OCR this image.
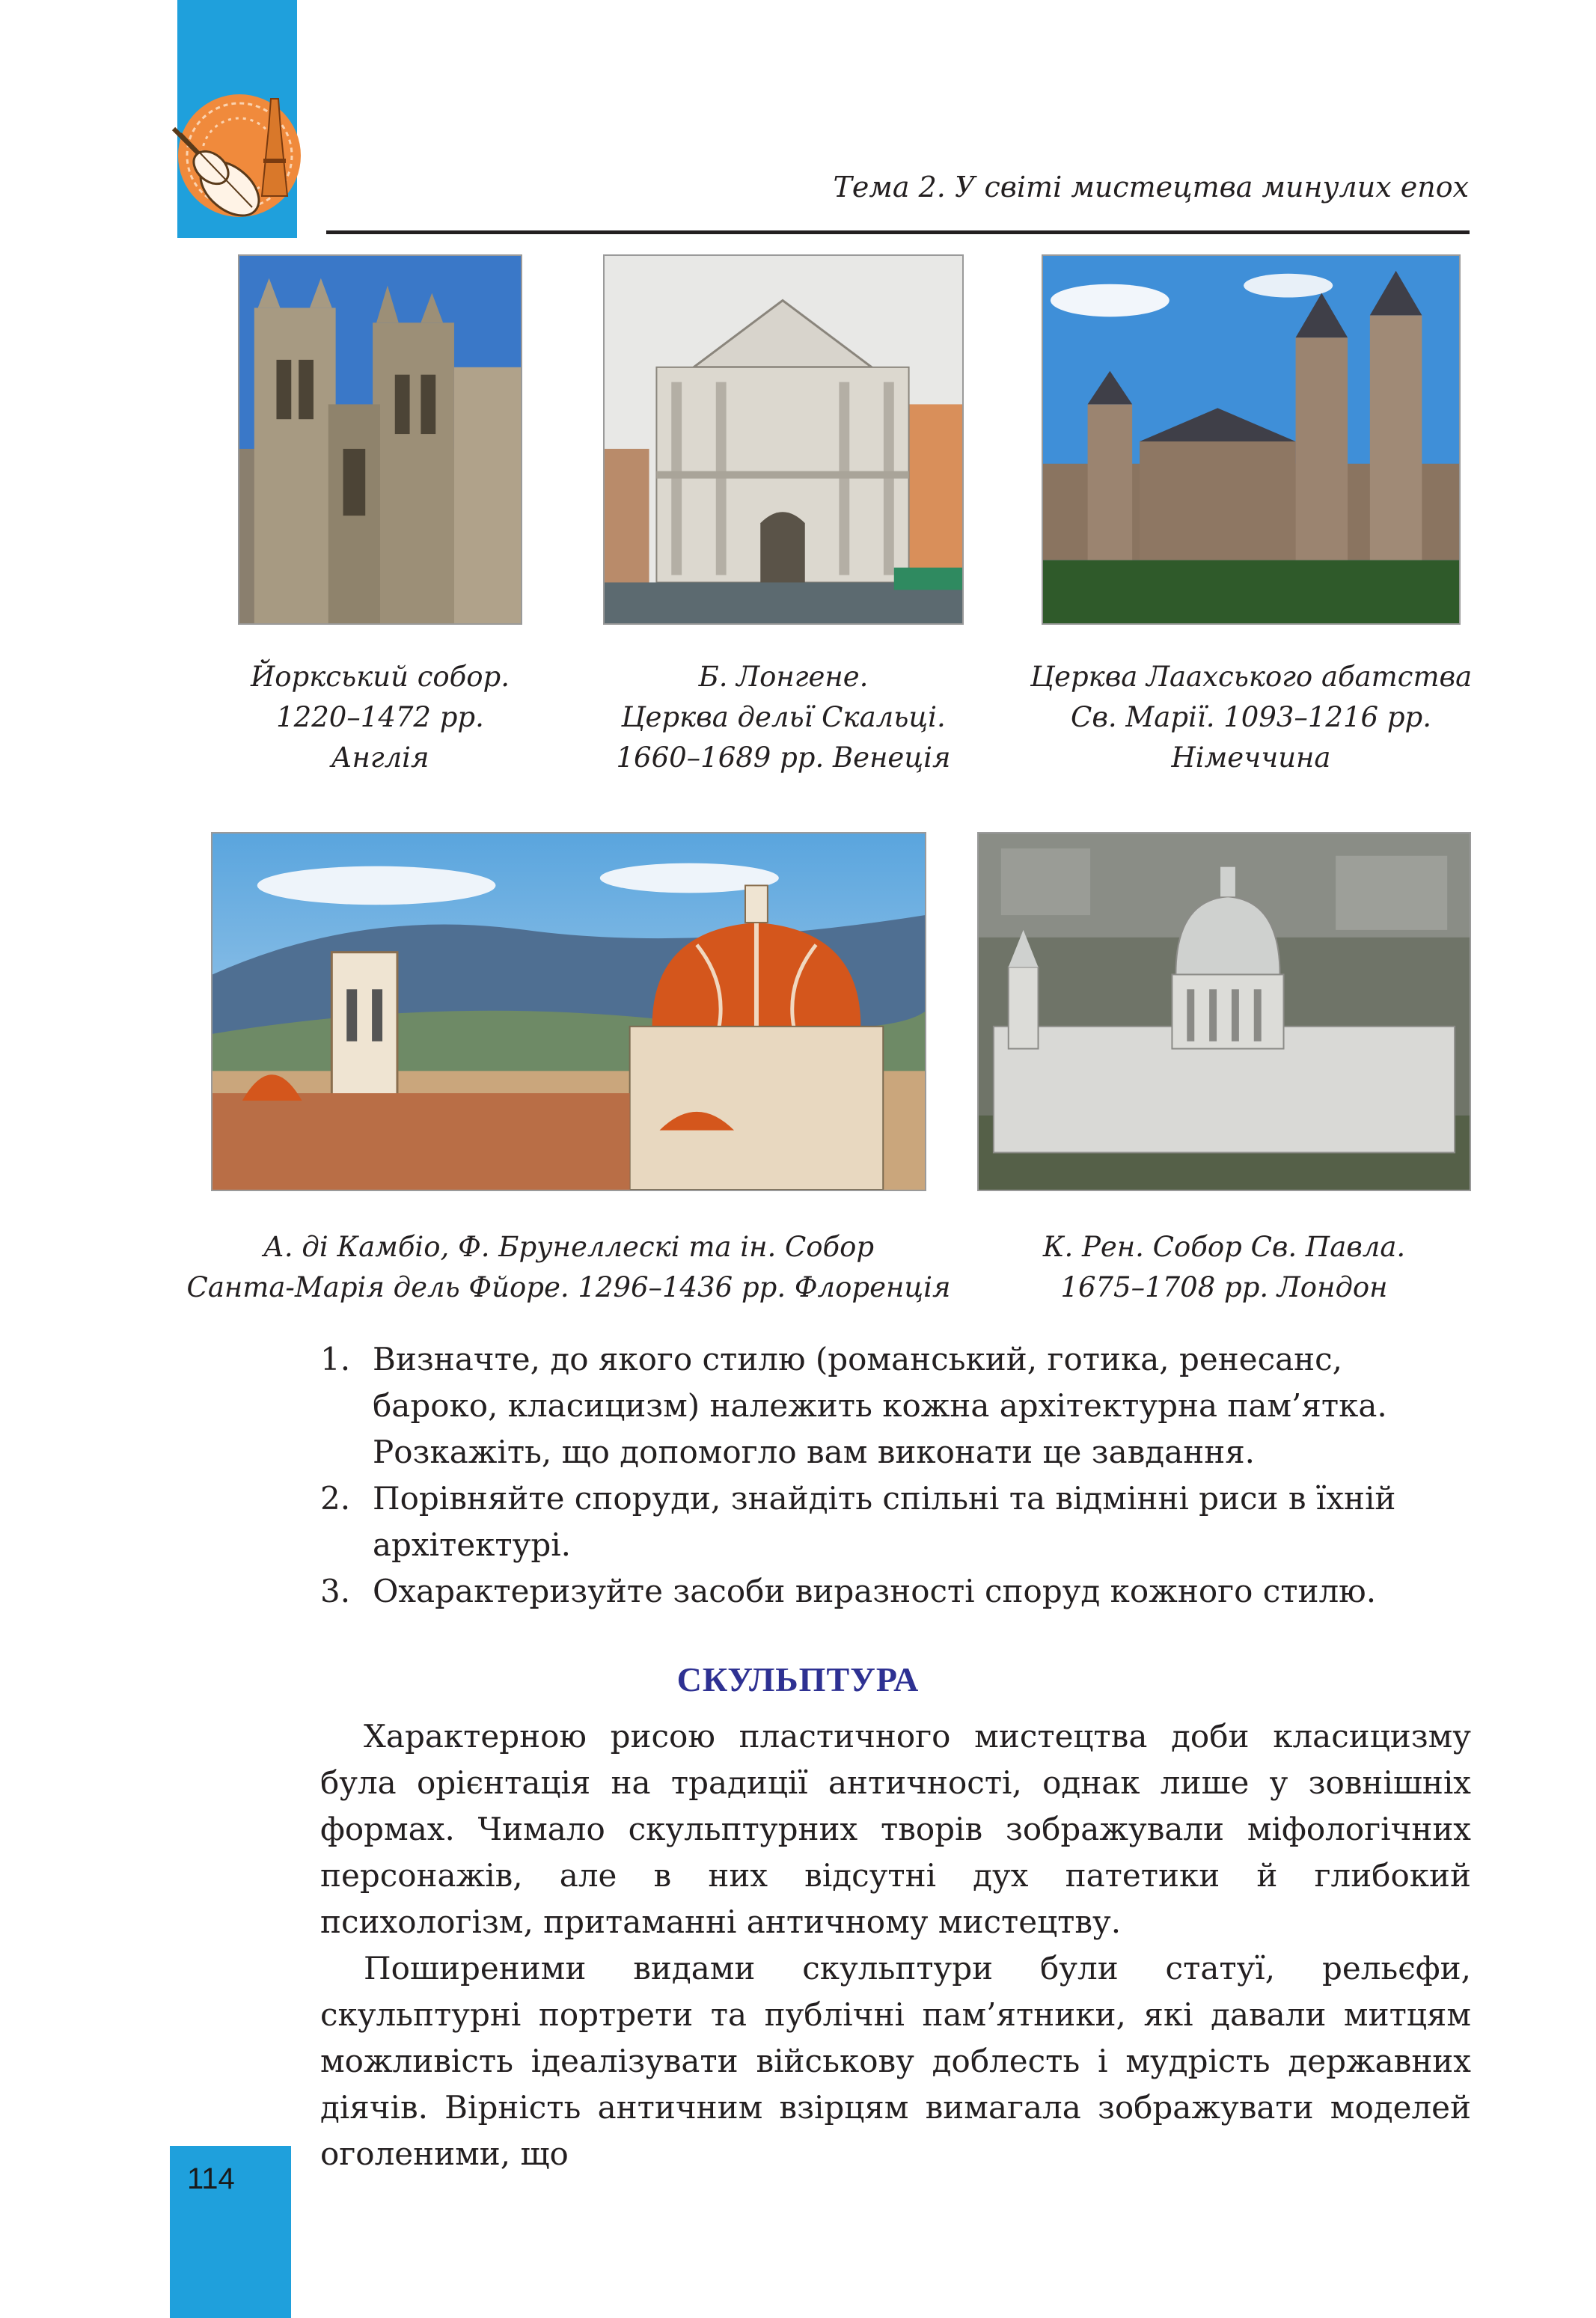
Тема 2. У світі мистецтва минулих епох
Йоркський собор.
1220–1472 рр.
Англія
Б. Лонгене.
Церква дельї Скальці.
1660–1689 рр. Венеція
Церква Лаахського абатства
Св. Марії. 1093–1216 рр.
Німеччина
А. ді Камбіо, Ф. Брунеллескі та ін. Собор
Санта-Марія дель Фйоре. 1296–1436 рр. Флоренція
К. Рен. Собор Св. Павла.
1675–1708 рр. Лондон
1. Визначте, до якого стилю (романський, готика, ренесанс, бароко, класицизм) належить кожна архітектурна пам’ятка. Розкажіть, що допомогло вам виконати це завдання.
2. Порівняйте споруди, знайдіть спільні та відмінні риси в їхній архітектурі.
3. Охарактеризуйте засоби виразності споруд кожного стилю.
СКУЛЬПТУРА

Характерною рисою пластичного мистецтва доби класицизму була орієнтація на традиції античності, однак лише у зовнішніх формах. Чимало скульптурних творів зображували міфологічних персонажів, але в них відсутні дух патетики й глибокий психологізм, притаманні античному мистецтву.

Поширеними видами скульптури були статуї, рельєфи, скульптурні портрети та публічні пам’ятники, які давали митцям можливість ідеалізувати військову доблесть і мудрість державних діячів. Вірність античним взірцям вимагала зображувати моделей оголеними, що

114
